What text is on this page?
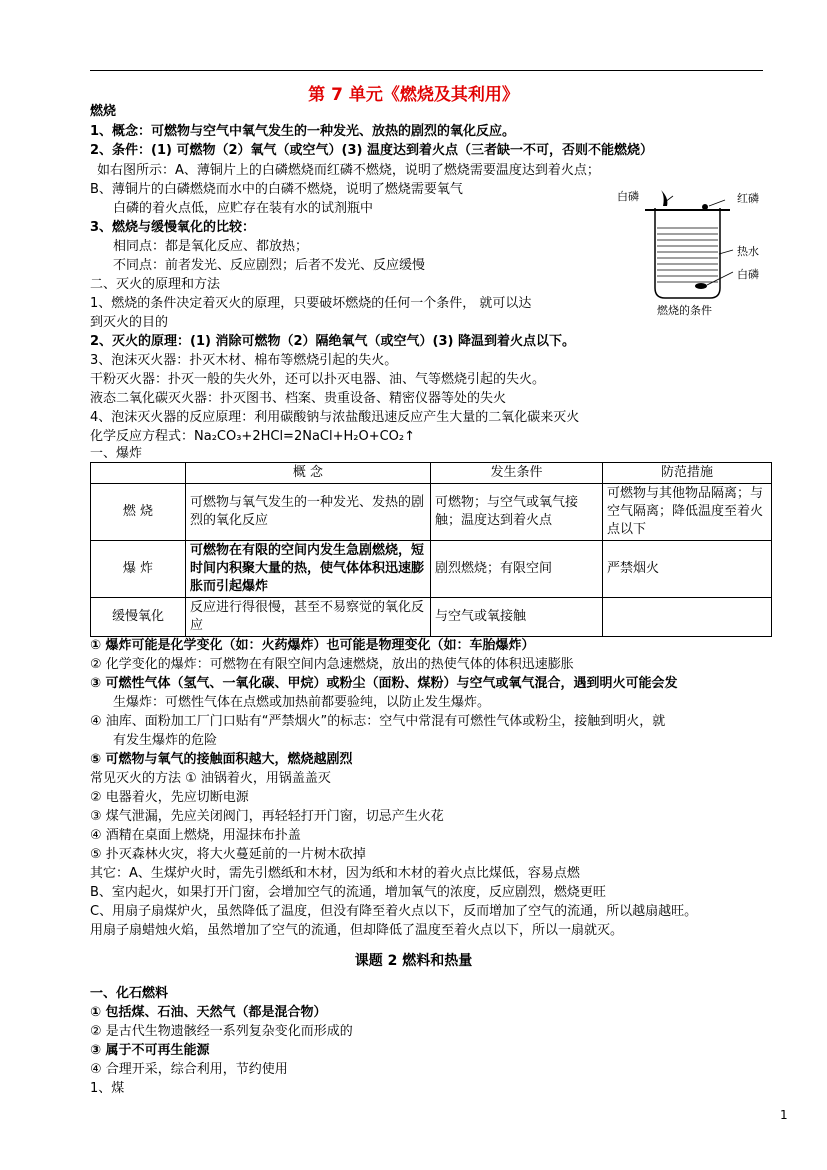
第 7 单元《燃烧及其利用》
燃烧
1、概念：可燃物与空气中氧气发生的一种发光、放热的剧烈的氧化反应。
2、条件：(1) 可燃物（2）氧气（或空气）(3) 温度达到着火点（三者缺一不可，否则不能燃烧）
如右图所示：A、薄铜片上的白磷燃烧而红磷不燃烧，说明了燃烧需要温度达到着火点；
B、薄铜片的白磷燃烧而水中的白磷不燃烧，说明了燃烧需要氧气
白磷的着火点低，应贮存在装有水的试剂瓶中
3、燃烧与缓慢氧化的比较：
相同点：都是氧化反应、都放热；
不同点：前者发光、反应剧烈；后者不发光、反应缓慢
二、灭火的原理和方法
1、燃烧的条件决定着灭火的原理，只要破坏燃烧的任何一个条件， 就可以达
到灭火的目的
2、灭火的原理：(1) 消除可燃物（2）隔绝氧气（或空气）(3) 降温到着火点以下。
3、泡沫灭火器：扑灭木材、棉布等燃烧引起的失火。
干粉灭火器：扑灭一般的失火外，还可以扑灭电器、油、气等燃烧引起的失火。
液态二氧化碳灭火器：扑灭图书、档案、贵重设备、精密仪器等处的失火
4、泡沫灭火器的反应原理：利用碳酸钠与浓盐酸迅速反应产生大量的二氧化碳来灭火
化学反应方程式：Na₂CO₃+2HCl=2NaCl+H₂O+CO₂↑
白磷	红磷
热水
白磷
燃烧的条件
一、爆炸
	概 念	发生条件	防范措施
燃 烧	可燃物与氧气发生的一种发光、发热的剧烈的氧化反应	可燃物；与空气或氧气接触；温度达到着火点	可燃物与其他物品隔离；与空气隔离；降低温度至着火点以下
爆 炸	可燃物在有限的空间内发生急剧燃烧，短时间内积聚大量的热，使气体体积迅速膨胀而引起爆炸	剧烈燃烧；有限空间	严禁烟火
缓慢氧化	反应进行得很慢，甚至不易察觉的氧化反应	与空气或氧接触	
① 爆炸可能是化学变化（如：火药爆炸）也可能是物理变化（如：车胎爆炸）
② 化学变化的爆炸：可燃物在有限空间内急速燃烧，放出的热使气体的体积迅速膨胀
③ 可燃性气体（氢气、一氧化碳、甲烷）或粉尘（面粉、煤粉）与空气或氧气混合，遇到明火可能会发
生爆炸：可燃性气体在点燃或加热前都要验纯，以防止发生爆炸。
④ 油库、面粉加工厂门口贴有“严禁烟火”的标志：空气中常混有可燃性气体或粉尘，接触到明火，就
有发生爆炸的危险
⑤ 可燃物与氧气的接触面积越大，燃烧越剧烈
常见灭火的方法 ① 油锅着火，用锅盖盖灭
② 电器着火，先应切断电源
③ 煤气泄漏，先应关闭阀门，再轻轻打开门窗，切忌产生火花
④ 酒精在桌面上燃烧，用湿抹布扑盖
⑤ 扑灭森林火灾，将大火蔓延前的一片树木砍掉
其它：A、生煤炉火时，需先引燃纸和木材，因为纸和木材的着火点比煤低，容易点燃
B、室内起火，如果打开门窗，会增加空气的流通，增加氧气的浓度，反应剧烈，燃烧更旺
C、用扇子扇煤炉火，虽然降低了温度，但没有降至着火点以下，反而增加了空气的流通，所以越扇越旺。
用扇子扇蜡烛火焰，虽然增加了空气的流通，但却降低了温度至着火点以下，所以一扇就灭。
课题 2 燃料和热量
一、化石燃料
① 包括煤、石油、天然气（都是混合物）
② 是古代生物遗骸经一系列复杂变化而形成的
③ 属于不可再生能源
④ 合理开采，综合利用，节约使用
1、煤
1
